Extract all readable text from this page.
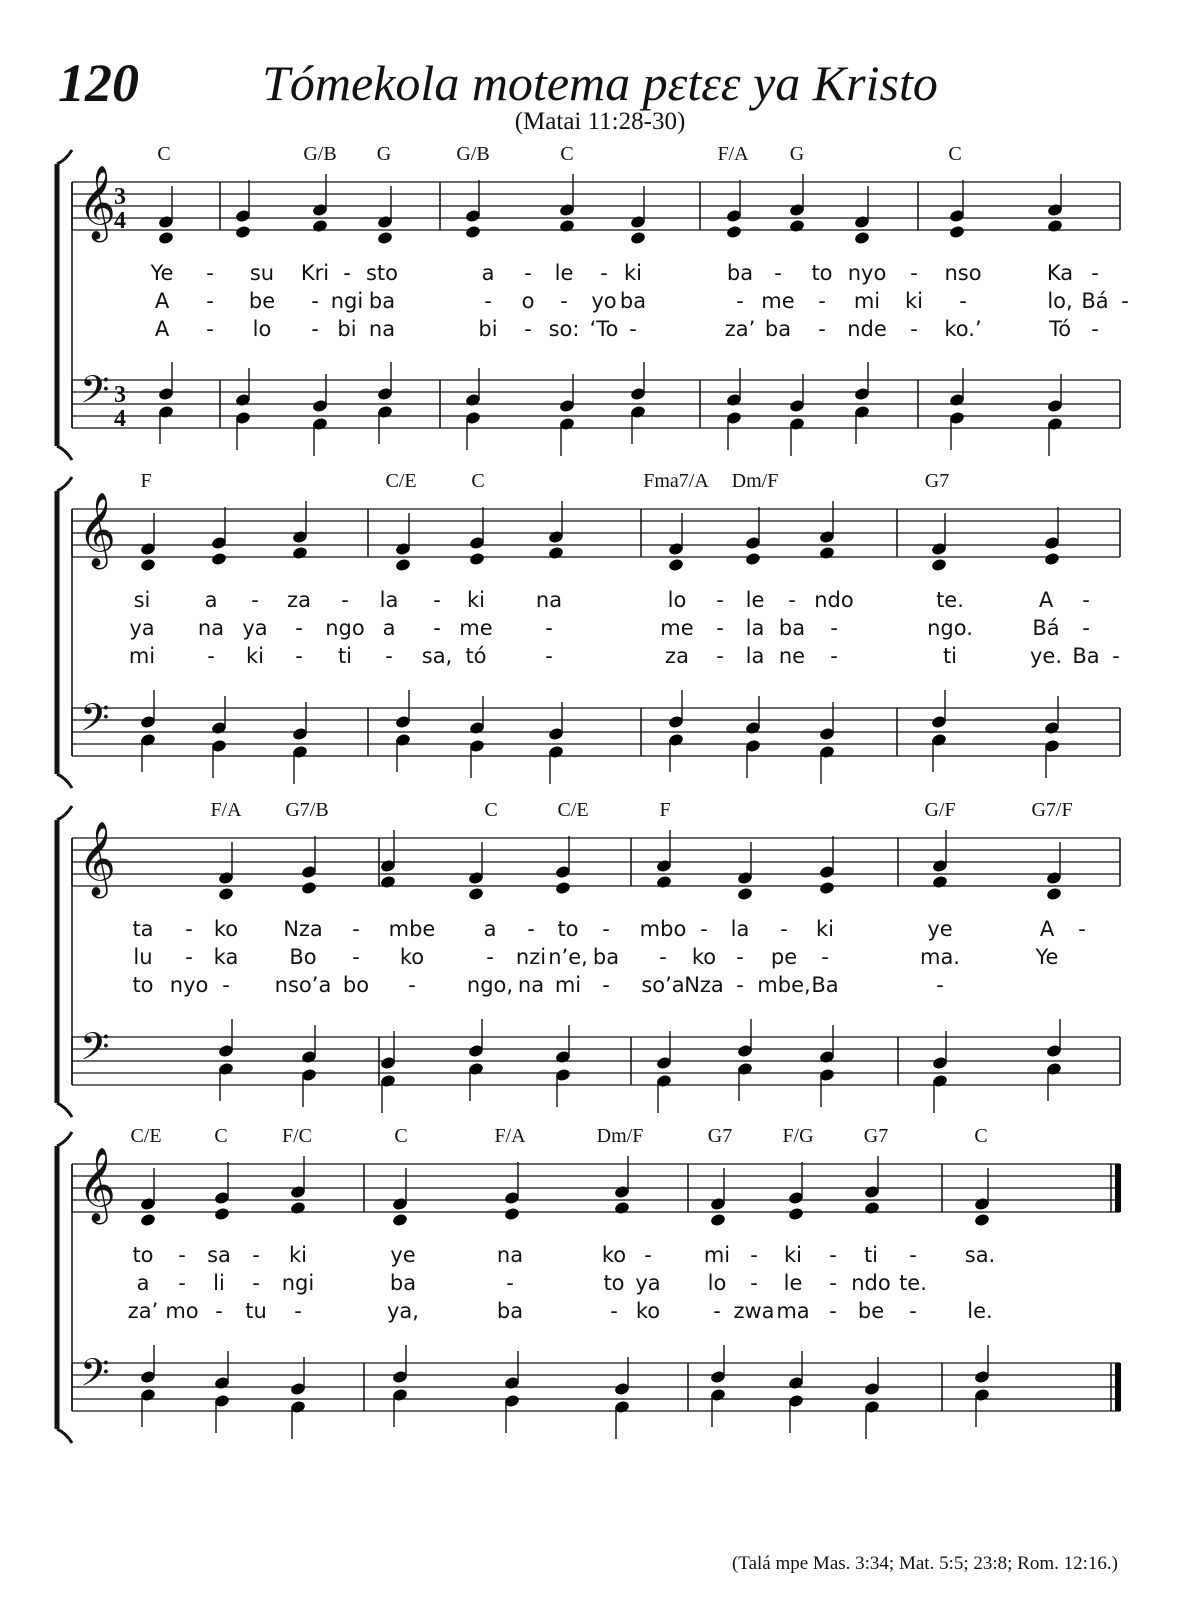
120	Tómekola motema pɛtɛɛ ya Kristo
(Matai 11:28-30)
𝄞
𝄢
3
4
3
4
C	G/B G	G/B	C	F/A G	C
Ye - su Kri - sto	a - le - ki	ba - to nyo - nso	Ka -
A - be - ngi ba	- o - yo ba	- me - mi ki -	lo, Bá -
A - lo - bi na	bi - so: ‘To -	za’ ba - nde - ko.’	Tó -
𝄞
𝄢
F	C/E	C	Fma7/A Dm/F	G7
si	a - za - la - ki na	lo - le - ndo	te.	A -
ya na ya - ngo a - me	-	me - la ba -	ngo.	Bá -
mi - ki - ti - sa, tó	-	za - la ne -	ti	ye. Ba -
𝄞
𝄢
F/A G7/B	C	C/E	F	G/F	G7/F
ta - ko Nza - mbe a - to - mbo - la - ki	ye	A -
lu - ka Bo - ko	- nzi n’e, ba - ko - pe -	ma.	Ye
to nyo - nso’a bo - ngo, na mi - so’a Nza - mbe, Ba	-
𝄞
𝄢
C/E	C	F/C	C	F/A	Dm/F	G7	F/G	G7	C
to - sa - ki	ye	na	ko - mi - ki - ti - sa.
a - li - ngi	ba	-	to ya lo - le - ndo te.
za’ mo - tu -	ya,	ba	- ko	- zwa ma - be - le.
(Talá mpe Mas. 3:34; Mat. 5:5; 23:8; Rom. 12:16.)
